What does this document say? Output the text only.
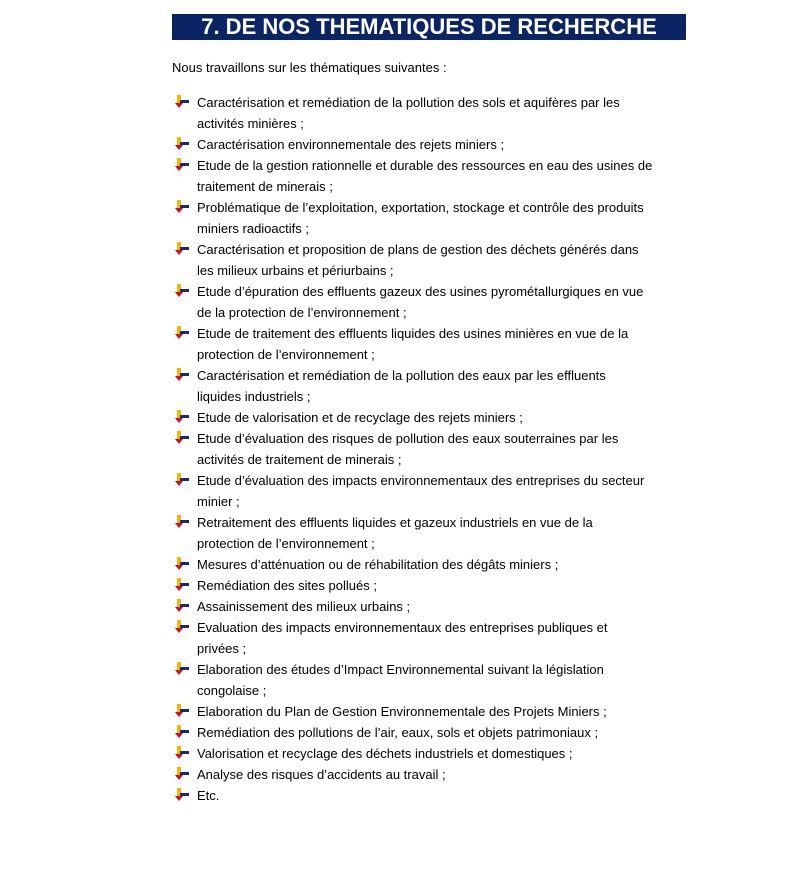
7. DE NOS THEMATIQUES DE RECHERCHE
Nous travaillons sur les thématiques suivantes :
Caractérisation et remédiation de la pollution des sols et aquifères par les
activités minières ;
Caractérisation environnementale des rejets miniers ;
Etude de la gestion rationnelle et durable des ressources en eau des usines de
traitement de minerais ;
Problématique de l’exploitation, exportation, stockage et contrôle des produits
miniers radioactifs ;
Caractérisation et proposition de plans de gestion des déchets générés dans
les milieux urbains et périurbains ;
Etude d’épuration des effluents gazeux des usines pyrométallurgiques en vue
de la protection de l’environnement ;
Etude de traitement des effluents liquides des usines minières en vue de la
protection de l’environnement ;
Caractérisation et remédiation de la pollution des eaux par les effluents
liquides industriels ;
Etude de valorisation et de recyclage des rejets miniers ;
Etude d’évaluation des risques de pollution des eaux souterraines par les
activités de traitement de minerais ;
Etude d’évaluation des impacts environnementaux des entreprises du secteur
minier ;
Retraitement des effluents liquides et gazeux industriels en vue de la
protection de l’environnement ;
Mesures d’atténuation ou de réhabilitation des dégâts miniers ;
Remédiation des sites pollués ;
Assainissement des milieux urbains ;
Evaluation des impacts environnementaux des entreprises publiques et
privées ;
Elaboration des études d’Impact Environnemental suivant la législation
congolaise ;
Elaboration du Plan de Gestion Environnementale des Projets Miniers ;
Remédiation des pollutions de l’air, eaux, sols et objets patrimoniaux ;
Valorisation et recyclage des déchets industriels et domestiques ;
Analyse des risques d’accidents au travail ;
Etc.
